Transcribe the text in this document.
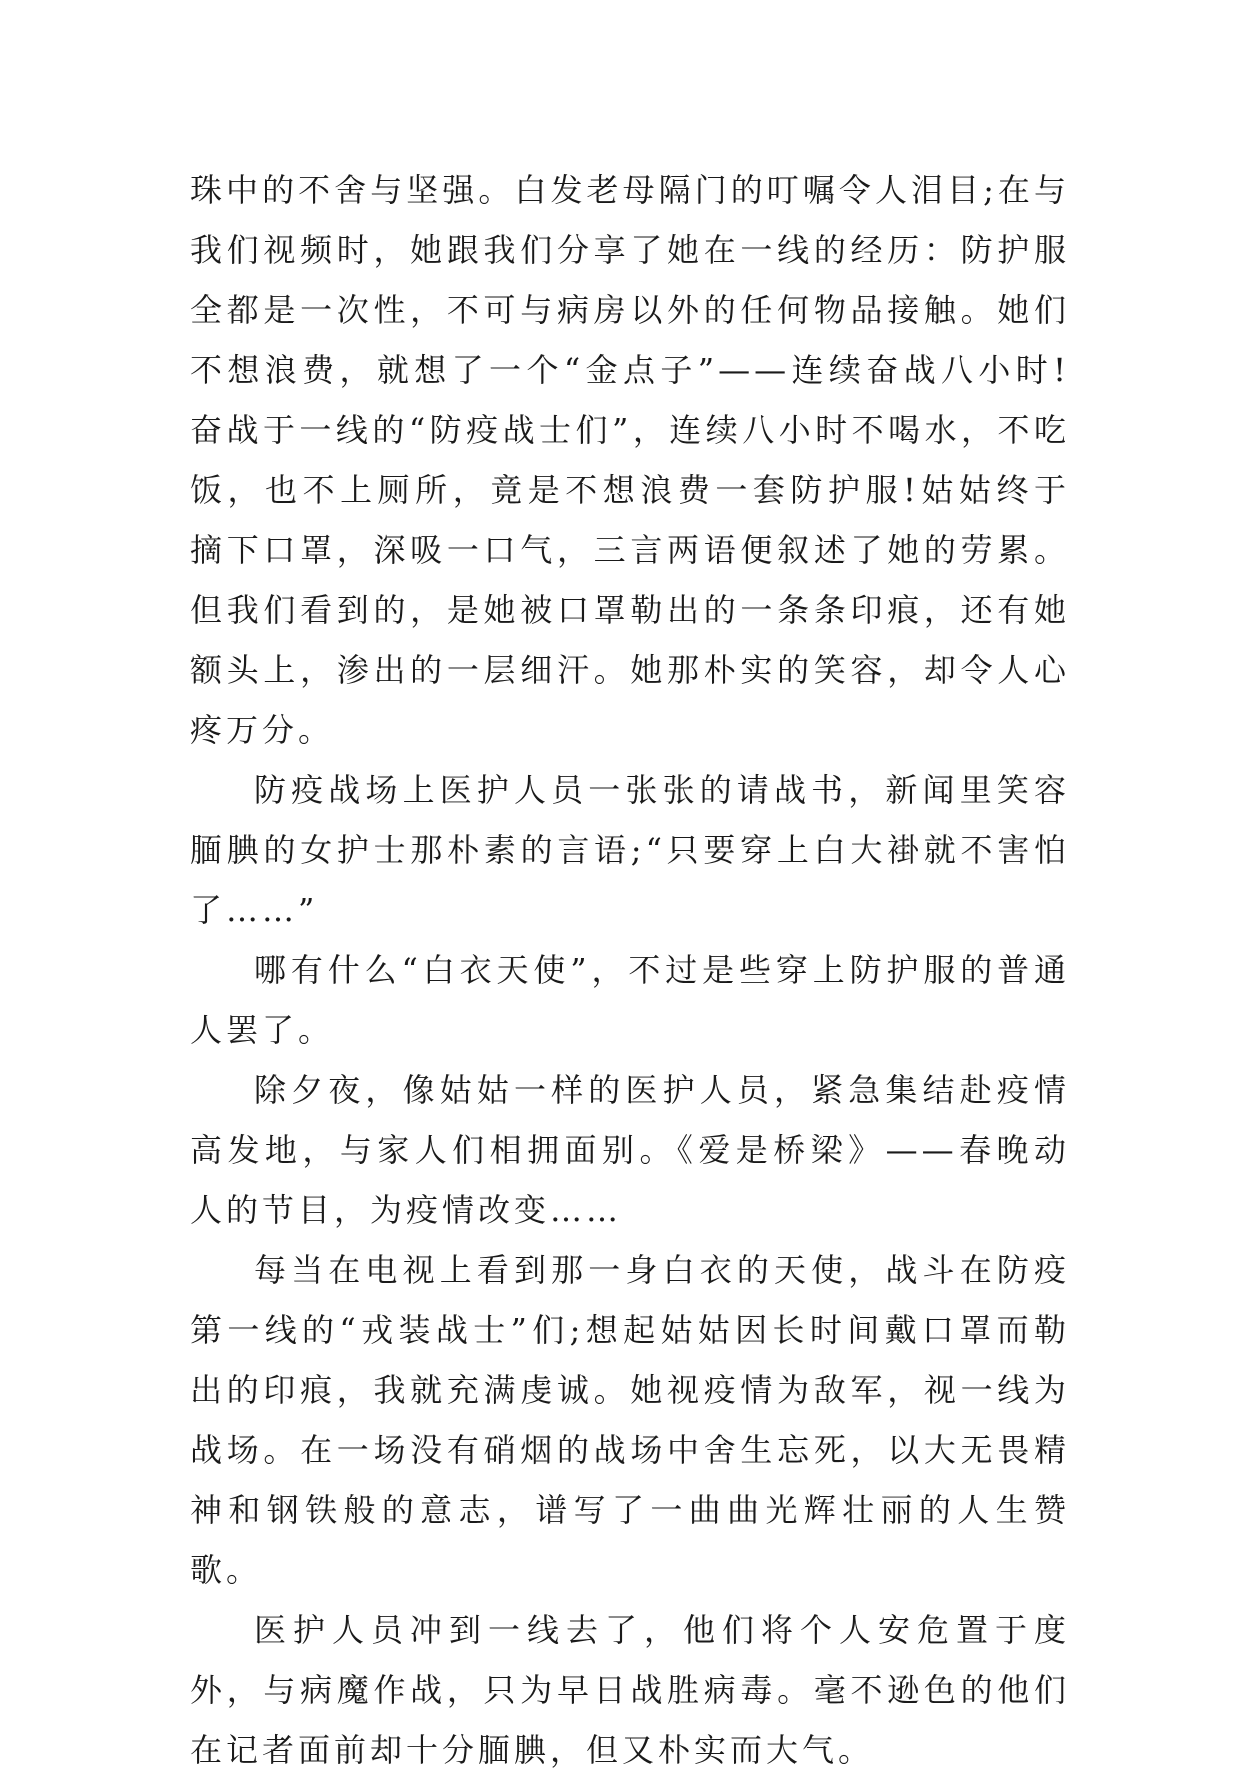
珠中的不舍与坚强。白发老母隔门的叮嘱令人泪目;在与我们视频时，她跟我们分享了她在一线的经历：防护服全都是一次性，不可与病房以外的任何物品接触。她们不想浪费，就想了一个“金点子”——连续奋战八小时!奋战于一线的“防疫战士们”，连续八小时不喝水，不吃饭，也不上厕所，竟是不想浪费一套防护服!姑姑终于摘下口罩，深吸一口气，三言两语便叙述了她的劳累。但我们看到的，是她被口罩勒出的一条条印痕，还有她额头上，渗出的一层细汗。她那朴实的笑容，却令人心疼万分。

防疫战场上医护人员一张张的请战书，新闻里笑容腼腆的女护士那朴素的言语;“只要穿上白大褂就不害怕了……”

哪有什么“白衣天使”，不过是些穿上防护服的普通人罢了。

除夕夜，像姑姑一样的医护人员，紧急集结赴疫情高发地，与家人们相拥面别。《爱是桥梁》——春晚动人的节目，为疫情改变……

每当在电视上看到那一身白衣的天使，战斗在防疫第一线的“戎装战士”们;想起姑姑因长时间戴口罩而勒出的印痕，我就充满虔诚。她视疫情为敌军，视一线为战场。在一场没有硝烟的战场中舍生忘死，以大无畏精神和钢铁般的意志，谱写了一曲曲光辉壮丽的人生赞歌。

医护人员冲到一线去了，他们将个人安危置于度外，与病魔作战，只为早日战胜病毒。毫不逊色的他们在记者面前却十分腼腆，但又朴实而大气。
